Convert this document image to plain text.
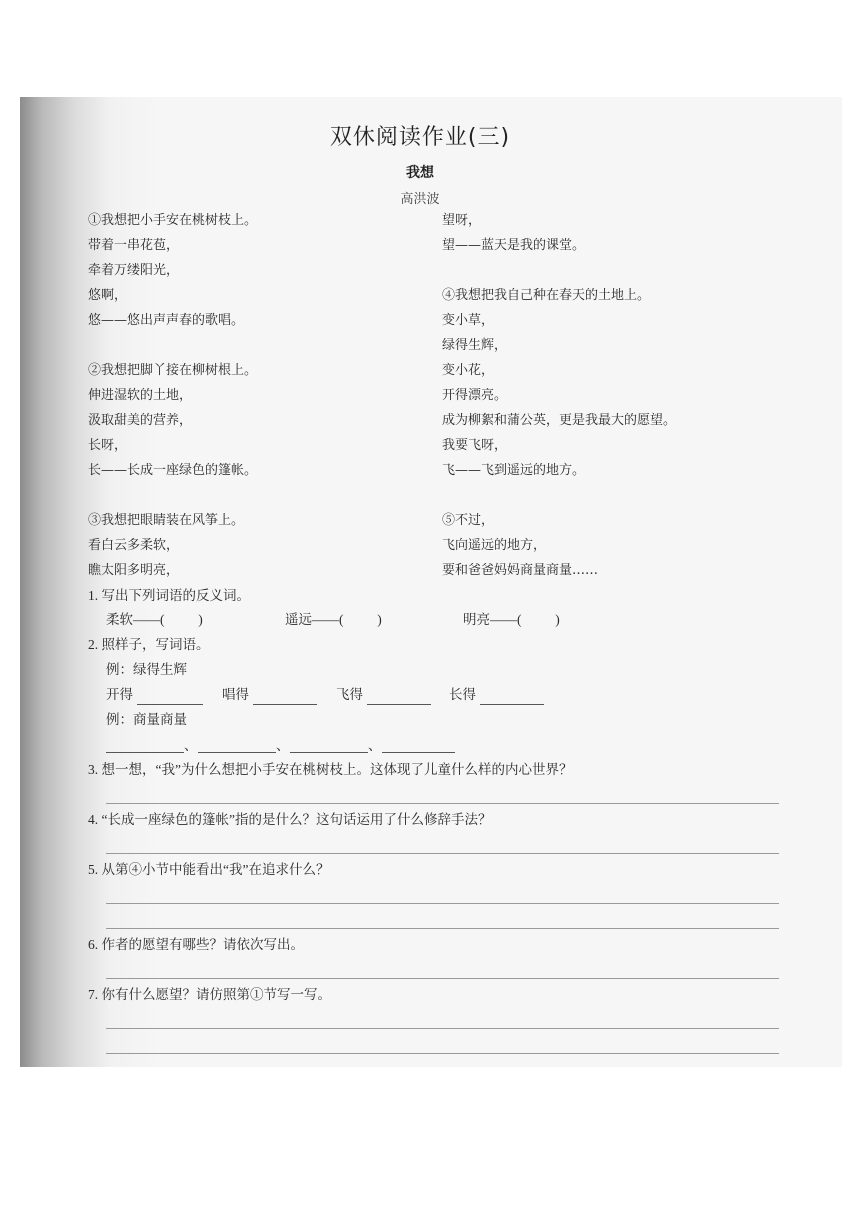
双休阅读作业(三)
我想
高洪波
①我想把小手安在桃树枝上。
带着一串花苞，
牵着万缕阳光，
悠啊，
悠——悠出声声春的歌唱。
②我想把脚丫接在柳树根上。
伸进湿软的土地，
汲取甜美的营养，
长呀，
长——长成一座绿色的篷帐。
③我想把眼睛装在风筝上。
看白云多柔软，
瞧太阳多明亮，
望呀，
望——蓝天是我的课堂。
④我想把我自己种在春天的土地上。
变小草，
绿得生辉，
变小花，
开得漂亮。
成为柳絮和蒲公英，更是我最大的愿望。
我要飞呀，
飞——飞到遥远的地方。
⑤不过，
飞向遥远的地方，
要和爸爸妈妈商量商量……
1. 写出下列词语的反义词。
柔软——(          )	遥远——(          )	明亮——(          )
2. 照样子，写词语。
例：绿得生辉
开得	唱得	飞得	长得
例：商量商量
、	、	、
3. 想一想，“我”为什么想把小手安在桃树枝上。这体现了儿童什么样的内心世界？
4. “长成一座绿色的篷帐”指的是什么？这句话运用了什么修辞手法？
5. 从第④小节中能看出“我”在追求什么？
6. 作者的愿望有哪些？请依次写出。
7. 你有什么愿望？请仿照第①节写一写。
